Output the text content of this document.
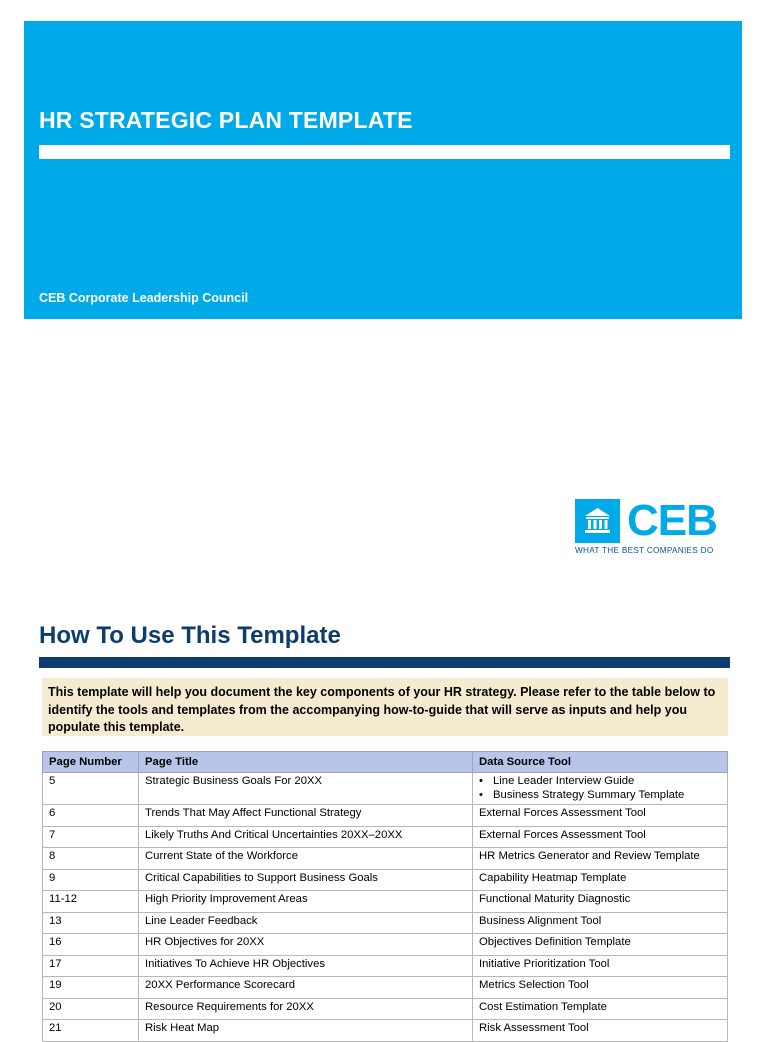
HR STRATEGIC PLAN TEMPLATE
CEB Corporate Leadership Council
CEB
WHAT THE BEST COMPANIES DO
How To Use This Template
This template will help you document the key components of your HR strategy. Please refer to the table below to identify the tools and templates from the accompanying how-to-guide that will serve as inputs and help you populate this template.
Page Number	Page Title	Data Source Tool
5	Strategic Business Goals For 20XX	• Line Leader Interview Guide
• Business Strategy Summary Template

6	Trends That May Affect Functional Strategy	External Forces Assessment Tool
7	Likely Truths And Critical Uncertainties 20XX–20XX	External Forces Assessment Tool
8	Current State of the Workforce	HR Metrics Generator and Review Template
9	Critical Capabilities to Support Business Goals	Capability Heatmap Template
11-12	High Priority Improvement Areas	Functional Maturity Diagnostic
13	Line Leader Feedback	Business Alignment Tool
16	HR Objectives for 20XX	Objectives Definition Template
17	Initiatives To Achieve HR Objectives	Initiative Prioritization Tool
19	20XX Performance Scorecard	Metrics Selection Tool
20	Resource Requirements for 20XX	Cost Estimation Template
21	Risk Heat Map	Risk Assessment Tool
